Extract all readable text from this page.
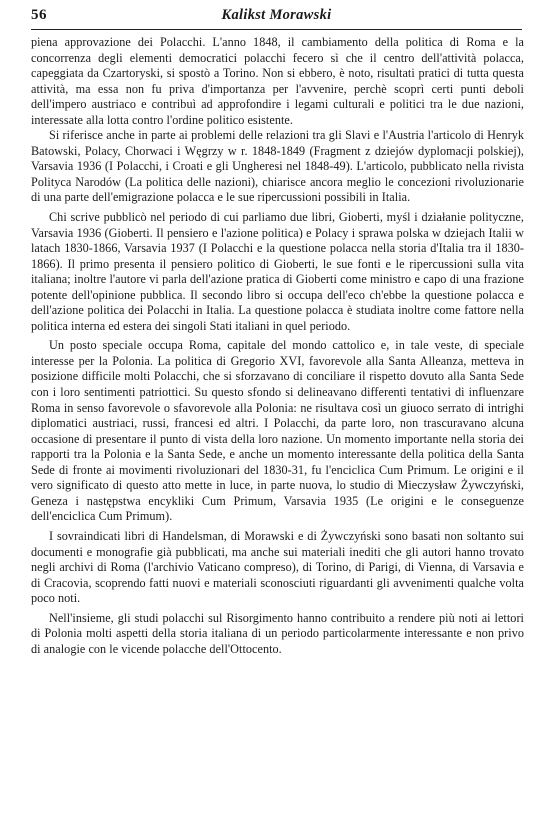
56	Kalikst Morawski

piena approvazione dei Polacchi. L'anno 1848, il cambiamento della politica di Roma e la concorrenza degli elementi democratici polacchi fecero sì che il centro dell'attività polacca, capeggiata da Czartoryski, si spostò a Torino. Non si ebbero, è noto, risultati pratici di tutta questa attività, ma essa non fu priva d'importanza per l'avvenire, perchè scoprì certi punti deboli dell'impero austriaco e contribuì ad approfondire i legami culturali e politici tra le due nazioni, interessate alla lotta contro l'ordine politico esistente.

Si riferisce anche in parte ai problemi delle relazioni tra gli Slavi e l'Austria l'articolo di Henryk Batowski, Polacy, Chorwaci i Węgrzy w r. 1848-1849 (Fragment z dziejów dyplomacji polskiej), Varsavia 1936 (I Polacchi, i Croati e gli Ungheresi nel 1848-49). L'articolo, pubblicato nella rivista Polityca Narodów (La politica delle nazioni), chiarisce ancora meglio le concezioni rivoluzionarie di una parte dell'emigrazione polacca e le sue ripercussioni possibili in Italia.

Chi scrive pubblicò nel periodo di cui parliamo due libri, Gioberti, myśl i działanie polityczne, Varsavia 1936 (Gioberti. Il pensiero e l'azione politica) e Polacy i sprawa polska w dziejach Italii w latach 1830-1866, Varsavia 1937 (I Polacchi e la questione polacca nella storia d'Italia tra il 1830-1866). Il primo presenta il pensiero politico di Gioberti, le sue fonti e le ripercussioni sulla vita italiana; inoltre l'autore vi parla dell'azione pratica di Gioberti come ministro e capo di una frazione potente dell'opinione pubblica. Il secondo libro si occupa dell'eco ch'ebbe la questione polacca e dell'azione politica dei Polacchi in Italia. La questione polacca è studiata inoltre come fattore nella politica interna ed estera dei singoli Stati italiani in quel periodo.

Un posto speciale occupa Roma, capitale del mondo cattolico e, in tale veste, di speciale interesse per la Polonia. La politica di Gregorio XVI, favorevole alla Santa Alleanza, metteva in posizione difficile molti Polacchi, che si sforzavano di conciliare il rispetto dovuto alla Santa Sede con i loro sentimenti patriottici. Su questo sfondo si delineavano differenti tentativi di influenzare Roma in senso favorevole o sfavorevole alla Polonia: ne risultava così un giuoco serrato di intrighi diplomatici austriaci, russi, francesi ed altri. I Polacchi, da parte loro, non trascuravano alcuna occasione di presentare il punto di vista della loro nazione. Un momento importante nella storia dei rapporti tra la Polonia e la Santa Sede, e anche un momento interessante della politica della Santa Sede di fronte ai movimenti rivoluzionari del 1830-31, fu l'enciclica Cum Primum. Le origini e il vero significato di questo atto mette in luce, in parte nuova, lo studio di Mieczysław Żywczyński, Geneza i następstwa encykliki Cum Primum, Varsavia 1935 (Le origini e le conseguenze dell'enciclica Cum Primum).

I sovraindicati libri di Handelsman, di Morawski e di Żywczyński sono basati non soltanto sui documenti e monografie già pubblicati, ma anche sui materiali inediti che gli autori hanno trovato negli archivi di Roma (l'archivio Vaticano compreso), di Torino, di Parigi, di Vienna, di Varsavia e di Cracovia, scoprendo fatti nuovi e materiali sconosciuti riguardanti gli avvenimenti qualche volta poco noti.

Nell'insieme, gli studi polacchi sul Risorgimento hanno contribuito a rendere più noti ai lettori di Polonia molti aspetti della storia italiana di un periodo particolarmente interessante e non privo di analogie con le vicende polacche dell'Ottocento.
